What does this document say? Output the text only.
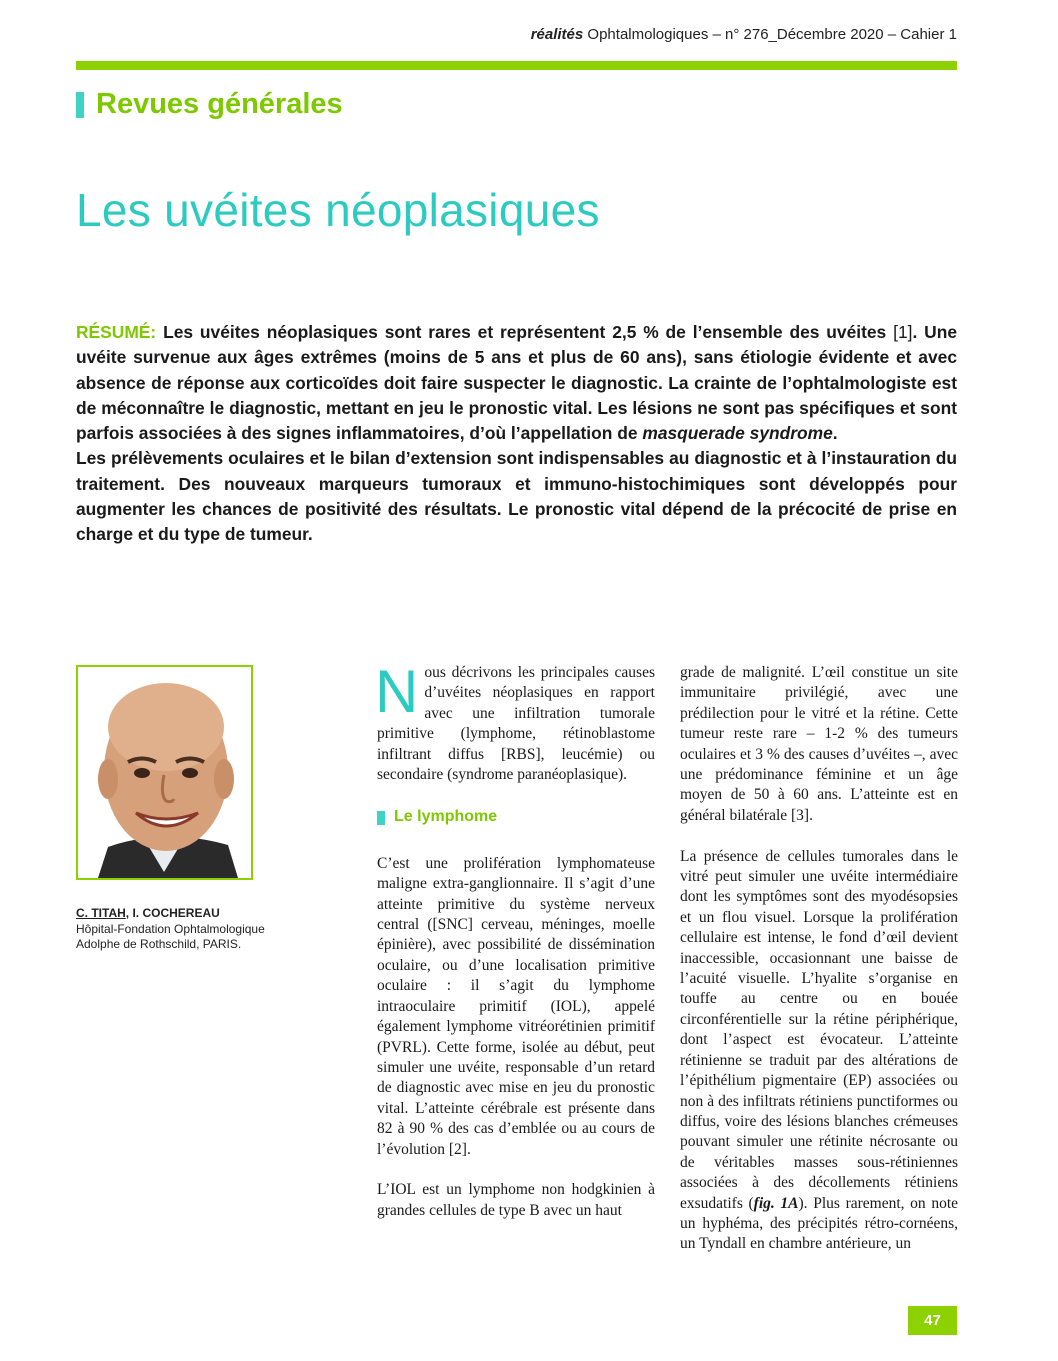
réalités Ophtalmologiques – n° 276_Décembre 2020 – Cahier 1
Revues générales
Les uvéites néoplasiques

RÉSUMÉ: Les uvéites néoplasiques sont rares et représentent 2,5 % de l’ensemble des uvéites [1]. Une uvéite survenue aux âges extrêmes (moins de 5 ans et plus de 60 ans), sans étiologie évidente et avec absence de réponse aux corticoïdes doit faire suspecter le diagnostic. La crainte de l’ophtalmologiste est de méconnaître le diagnostic, mettant en jeu le pronostic vital. Les lésions ne sont pas spécifiques et sont parfois associées à des signes inflammatoires, d’où l’appellation de masquerade syndrome.

Les prélèvements oculaires et le bilan d’extension sont indispensables au diagnostic et à l’instauration du traitement. Des nouveaux marqueurs tumoraux et immuno-histochimiques sont développés pour augmenter les chances de positivité des résultats. Le pronostic vital dépend de la précocité de prise en charge et du type de tumeur.

C. TITAH, I. COCHEREAU
Hôpital-Fondation Ophtalmologique
Adolphe de Rothschild, PARIS.

Nous décrivons les principales causes d’uvéites néoplasiques en rapport avec une infiltration tumorale primitive (lymphome, rétinoblastome infiltrant diffus [RBS], leucémie) ou secondaire (syndrome paranéoplasique).

Le lymphome

C’est une prolifération lymphomateuse maligne extra-ganglionnaire. Il s’agit d’une atteinte primitive du système nerveux central ([SNC] cerveau, méninges, moelle épinière), avec possibilité de dissémination oculaire, ou d’une localisation primitive oculaire : il s’agit du lymphome intraoculaire primitif (IOL), appelé également lymphome vitréorétinien primitif (PVRL). Cette forme, isolée au début, peut simuler une uvéite, responsable d’un retard de diagnostic avec mise en jeu du pronostic vital. L’atteinte cérébrale est présente dans 82 à 90 % des cas d’emblée ou au cours de l’évolution [2].

L’IOL est un lymphome non hodgkinien à grandes cellules de type B avec un haut

grade de malignité. L’œil constitue un site immunitaire privilégié, avec une prédilection pour le vitré et la rétine. Cette tumeur reste rare – 1-2 % des tumeurs oculaires et 3 % des causes d’uvéites –, avec une prédominance féminine et un âge moyen de 50 à 60 ans. L’atteinte est en général bilatérale [3].

La présence de cellules tumorales dans le vitré peut simuler une uvéite intermédiaire dont les symptômes sont des myodésopsies et un flou visuel. Lorsque la prolifération cellulaire est intense, le fond d’œil devient inaccessible, occasionnant une baisse de l’acuité visuelle. L’hyalite s’organise en touffe au centre ou en bouée circonférentielle sur la rétine périphérique, dont l’aspect est évocateur. L’atteinte rétinienne se traduit par des altérations de l’épithélium pigmentaire (EP) associées ou non à des infiltrats rétiniens punctiformes ou diffus, voire des lésions blanches crémeuses pouvant simuler une rétinite nécrosante ou de véritables masses sous-rétiniennes associées à des décollements rétiniens exsudatifs (fig. 1A). Plus rarement, on note un hyphéma, des précipités rétro-cornéens, un Tyndall en chambre antérieure, un

47
